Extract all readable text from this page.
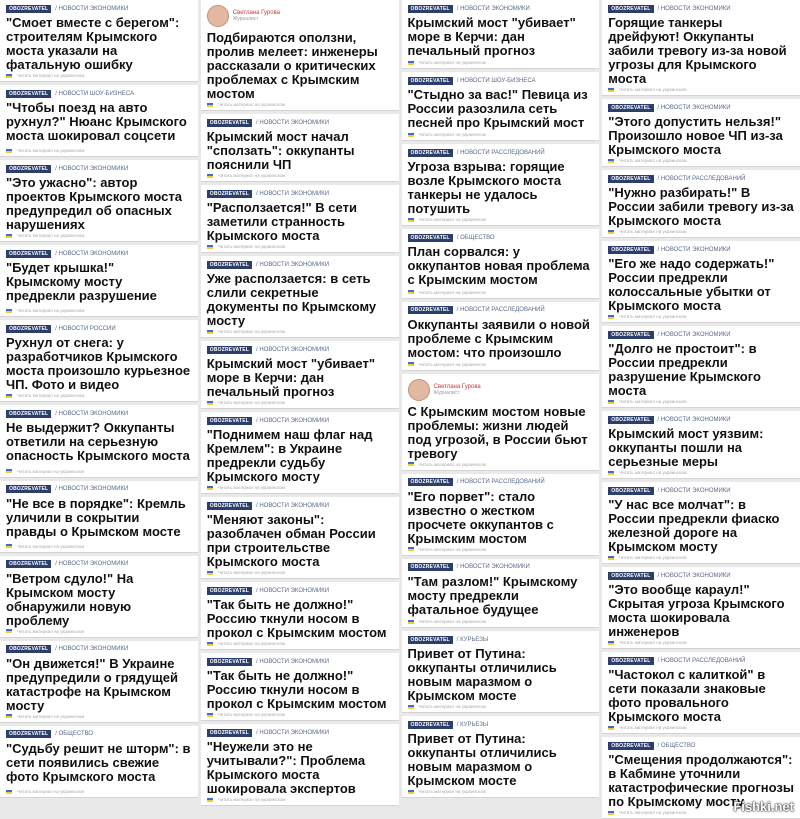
OBOZREVATEL	/ НОВОСТИ ЭКОНОМИКИ
"Смоет вместе с берегом": строителям Крымского моста указали на фатальную ошибку
Читать материал на украинском
OBOZREVATEL	/ НОВОСТИ ШОУ-БИЗНЕСА
"Чтобы поезд на авто рухнул?" Нюанс Крымского моста шокировал соцсети
Читать материал на украинском
OBOZREVATEL	/ НОВОСТИ ЭКОНОМИКИ
"Это ужасно": автор проектов Крымского моста предупредил об опасных нарушениях
Читать материал на украинском
OBOZREVATEL	/ НОВОСТИ ЭКОНОМИКИ
"Будет крышка!" Крымскому мосту предрекли разрушение
Читать материал на украинском
OBOZREVATEL	/ НОВОСТИ РОССИИ
Рухнул от снега: у разработчиков Крымского моста произошло курьезное ЧП. Фото и видео
Читать материал на украинском
OBOZREVATEL	/ НОВОСТИ ЭКОНОМИКИ
Не выдержит? Оккупанты ответили на серьезную опасность Крымского моста
Читать материал на украинском
OBOZREVATEL	/ НОВОСТИ ЭКОНОМИКИ
"Не все в порядке": Кремль уличили в сокрытии правды о Крымском мосте
Читать материал на украинском
OBOZREVATEL	/ НОВОСТИ ЭКОНОМИКИ
"Ветром сдуло!" На Крымском мосту обнаружили новую проблему
Читать материал на украинском
OBOZREVATEL	/ НОВОСТИ ЭКОНОМИКИ
"Он движется!" В Украине предупредили о грядущей катастрофе на Крымском мосту
Читать материал на украинском
OBOZREVATEL	/ ОБЩЕСТВО
"Судьбу решит не шторм": в сети появились свежие фото Крымского моста
Читать материал на украинском
Светлана Гурова
Журналист
Подбираются оползни, пролив мелеет: инженеры рассказали о критических проблемах с Крымским мостом
Читать материал на украинском
OBOZREVATEL	/ НОВОСТИ ЭКОНОМИКИ
Крымский мост начал "сползать": оккупанты пояснили ЧП
Читать материал на украинском
OBOZREVATEL	/ НОВОСТИ ЭКОНОМИКИ
"Расползается!" В сети заметили странность Крымского моста
Читать материал на украинском
OBOZREVATEL	/ НОВОСТИ ЭКОНОМИКИ
Уже расползается: в сеть слили секретные документы по Крымскому мосту
Читать материал на украинском
OBOZREVATEL	/ НОВОСТИ ЭКОНОМИКИ
Крымский мост "убивает" море в Керчи: дан печальный прогноз
Читать материал на украинском
OBOZREVATEL	/ НОВОСТИ ЭКОНОМИКИ
"Поднимем наш флаг над Кремлем": в Украине предрекли судьбу Крымского мосту
Читать материал на украинском
OBOZREVATEL	/ НОВОСТИ ЭКОНОМИКИ
"Меняют законы": разоблачен обман России при строительстве Крымского моста
Читать материал на украинском
OBOZREVATEL	/ НОВОСТИ ЭКОНОМИКИ
"Так быть не должно!" Россию ткнули носом в прокол с Крымским мостом
Читать материал на украинском
OBOZREVATEL	/ НОВОСТИ ЭКОНОМИКИ
"Так быть не должно!" Россию ткнули носом в прокол с Крымским мостом
Читать материал на украинском
OBOZREVATEL	/ НОВОСТИ ЭКОНОМИКИ
"Неужели это не учитывали?": Проблема Крымского моста шокировала экспертов
Читать материал на украинском
OBOZREVATEL	/ НОВОСТИ ЭКОНОМИКИ
Крымский мост "убивает" море в Керчи: дан печальный прогноз
Читать материал на украинском
OBOZREVATEL	/ НОВОСТИ ШОУ-БИЗНЕСА
"Стыдно за вас!" Певица из России разозлила сеть песней про Крымский мост
Читать материал на украинском
OBOZREVATEL	/ НОВОСТИ РАССЛЕДОВАНИЙ
Угроза взрыва: горящие возле Крымского моста танкеры не удалось потушить
Читать материал на украинском
OBOZREVATEL	/ ОБЩЕСТВО
План сорвался: у оккупантов новая проблема с Крымским мостом
Читать материал на украинском
OBOZREVATEL	/ НОВОСТИ РАССЛЕДОВАНИЙ
Оккупанты заявили о новой проблеме с Крымским мостом: что произошло
Читать материал на украинском
Светлана Гурова
Журналист
С Крымским мостом новые проблемы: жизни людей под угрозой, в России бьют тревогу
Читать материал на украинском
OBOZREVATEL	/ НОВОСТИ РАССЛЕДОВАНИЙ
"Его порвет": стало известно о жестком просчете оккупантов с Крымским мостом
Читать материал на украинском
OBOZREVATEL	/ НОВОСТИ ЭКОНОМИКИ
"Там разлом!" Крымскому мосту предрекли фатальное будущее
Читать материал на украинском
OBOZREVATEL	/ КУРЬЕЗЫ
Привет от Путина: оккупанты отличились новым маразмом о Крымском мосте
Читать материал на украинском
OBOZREVATEL	/ КУРЬЕЗЫ
Привет от Путина: оккупанты отличились новым маразмом о Крымском мосте
Читать материал на украинском
OBOZREVATEL	/ НОВОСТИ ЭКОНОМИКИ
Горящие танкеры дрейфуют! Оккупанты забили тревогу из-за новой угрозы для Крымского моста
Читать материал на украинском
OBOZREVATEL	/ НОВОСТИ ЭКОНОМИКИ
"Этого допустить нельзя!" Произошло новое ЧП из-за Крымского моста
Читать материал на украинском
OBOZREVATEL	/ НОВОСТИ РАССЛЕДОВАНИЙ
"Нужно разбирать!" В России забили тревогу из-за Крымского моста
Читать материал на украинском
OBOZREVATEL	/ НОВОСТИ ЭКОНОМИКИ
"Его же надо содержать!" России предрекли колоссальные убытки от Крымского моста
Читать материал на украинском
OBOZREVATEL	/ НОВОСТИ ЭКОНОМИКИ
"Долго не простоит": в России предрекли разрушение Крымского моста
Читать материал на украинском
OBOZREVATEL	/ НОВОСТИ ЭКОНОМИКИ
Крымский мост уязвим: оккупанты пошли на серьезные меры
Читать материал на украинском
OBOZREVATEL	/ НОВОСТИ ЭКОНОМИКИ
"У нас все молчат": в России предрекли фиаско железной дороге на Крымском мосту
Читать материал на украинском
OBOZREVATEL	/ НОВОСТИ ЭКОНОМИКИ
"Это вообще караул!" Скрытая угроза Крымского моста шокировала инженеров
Читать материал на украинском
OBOZREVATEL	/ НОВОСТИ РАССЛЕДОВАНИЙ
"Частокол с калиткой" в сети показали знаковые фото провального Крымского моста
Читать материал на украинском
OBOZREVATEL	/ ОБЩЕСТВО
"Смещения продолжаются": в Кабмине уточнили катастрофические прогнозы по Крымскому мосту
Читать материал на украинском	Fishki.net
